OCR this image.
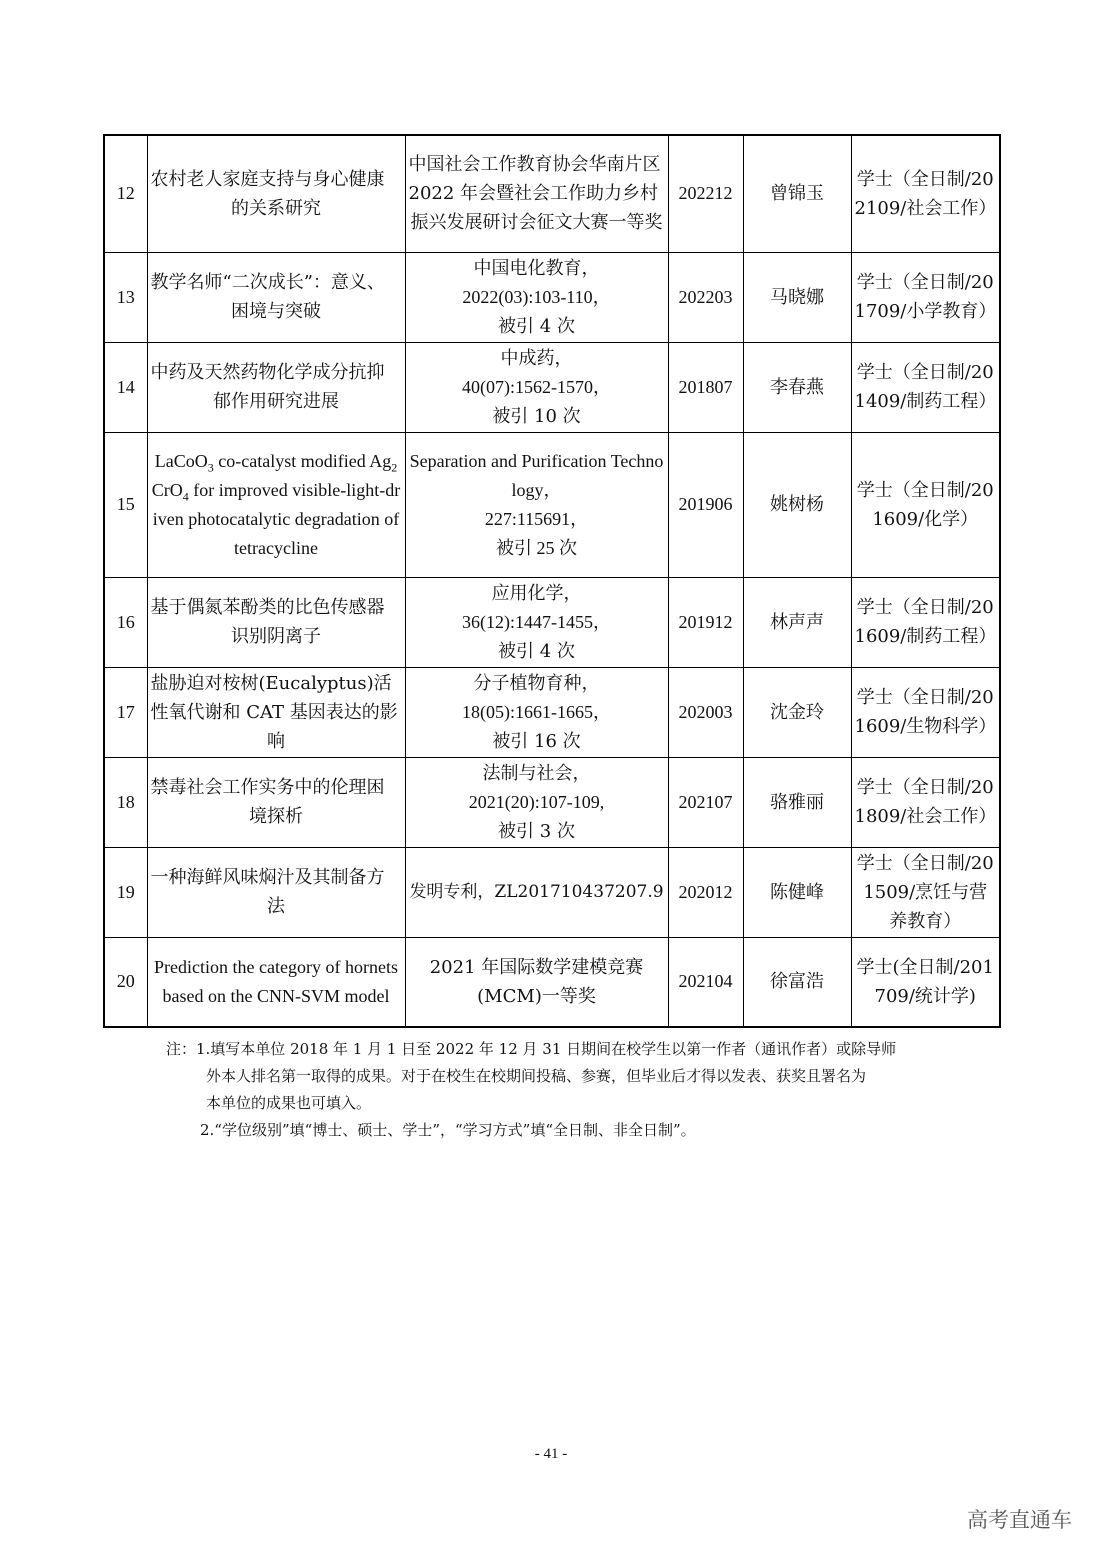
12	农村老人家庭支持与身心健康的关系研究	中国社会工作教育协会华南片区 2022 年会暨社会工作助力乡村振兴发展研讨会征文大赛一等奖	202212	曾锦玉	学士（全日制/202109/社会工作）
13	教学名师“二次成长”：意义、困境与突破	中国电化教育，
2022(03):103-110，
被引 4 次	202203	马晓娜	学士（全日制/201709/小学教育）
14	中药及天然药物化学成分抗抑郁作用研究进展	中成药，
40(07):1562-1570，
被引 10 次	201807	李春燕	学士（全日制/201409/制药工程）
15	LaCoO$_3$ co-catalyst modified $Ag_2CrO_4$ for improved visible-light-driven photocatalytic degradation of tetracycline	Separation and Purification Technology，
227:115691，
被引 25 次	201906	姚树杨	学士（全日制/201609/化学）
16	基于偶氮苯酚类的比色传感器识别阴离子	应用化学，
36(12):1447-1455，
被引 4 次	201912	林声声	学士（全日制/201609/制药工程）
17	盐胁迫对桉树(Eucalyptus)活性氧代谢和 CAT 基因表达的影响	分子植物育种，
18(05):1661-1665，
被引 16 次	202003	沈金玲	学士（全日制/201609/生物科学）
18	禁毒社会工作实务中的伦理困境探析	法制与社会，
2021(20):107-109,
被引 3 次	202107	骆雅丽	学士（全日制/201809/社会工作）
19	一种海鲜风味焖汁及其制备方法	发明专利，ZL201710437207.9	202012	陈健峰	学士（全日制/201509/烹饪与营养教育）
20	Prediction the category of hornets based on the CNN-SVM model	2021 年国际数学建模竞赛(MCM)一等奖	202104	徐富浩	学士(全日制/201709/统计学)
注：1.填写本单位 2018 年 1 月 1 日至 2022 年 12 月 31 日期间在校学生以第一作者（通讯作者）或除导师
外本人排名第一取得的成果。对于在校生在校期间投稿、参赛，但毕业后才得以发表、获奖且署名为
本单位的成果也可填入。
2.“学位级别”填“博士、硕士、学士”，“学习方式”填“全日制、非全日制”。
- 41 -
高考直通车
